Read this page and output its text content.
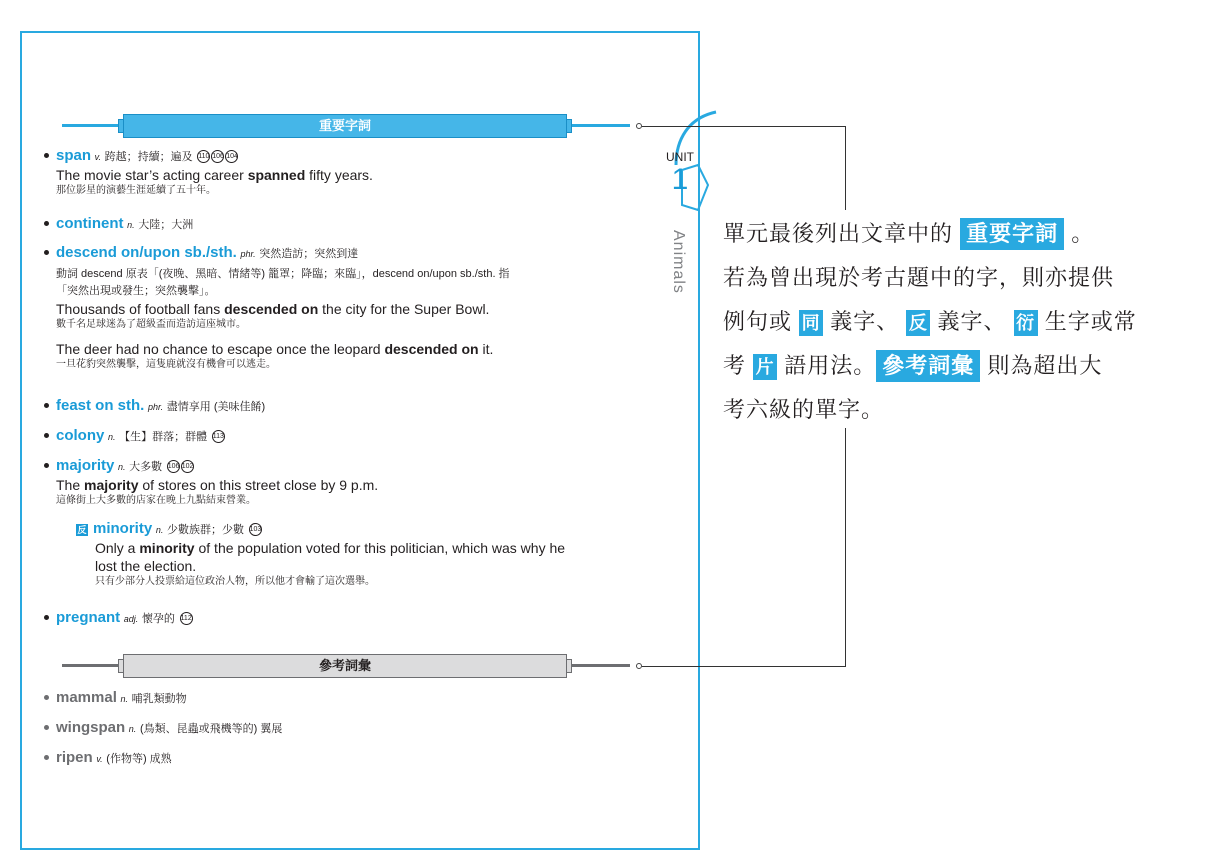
重要字詞
UNIT
1
Animals
span v. 跨越；持續；遍及 110 106 104
The movie star’s acting career spanned fifty years.
那位影星的演藝生涯延續了五十年。
continent n. 大陸；大洲
descend on/upon sb./sth. phr. 突然造訪；突然到達
動詞 descend 原表「(夜晚、黑暗、情緒等) 籠罩；降臨；來臨」，descend on/upon sb./sth. 指
「突然出現或發生；突然襲擊」。
Thousands of football fans descended on the city for the Super Bowl.
數千名足球迷為了超級盃而造訪這座城市。
The deer had no chance to escape once the leopard descended on it.
一旦花豹突然襲擊，這隻鹿就沒有機會可以逃走。
feast on sth. phr. 盡情享用 (美味佳餚)
colony n. 【生】群落；群體 113
majority n. 大多數 106 102
The majority of stores on this street close by 9 p.m.
這條街上大多數的店家在晚上九點結束營業。
反 minority n. 少數族群；少數 103
Only a minority of the population voted for this politician, which was why he
lost the election.
只有少部分人投票給這位政治人物，所以他才會輸了這次選舉。
pregnant adj. 懷孕的 112
參考詞彙
mammal n. 哺乳類動物
wingspan n. (鳥類、昆蟲或飛機等的) 翼展
ripen v. (作物等) 成熟
單元最後列出文章中的 重要字詞 。
若為曾出現於考古題中的字，則亦提供
例句或 同 義字、 反 義字、 衍 生字或常
考 片 語用法。 參考詞彙 則為超出大
考六級的單字。
